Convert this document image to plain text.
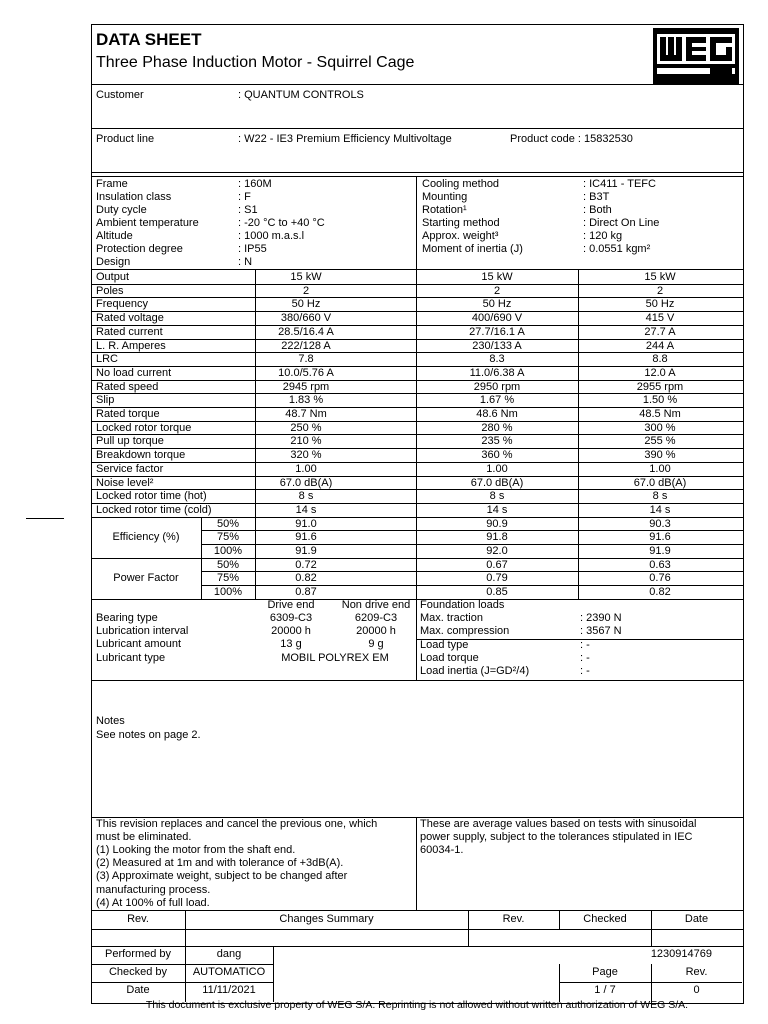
DATA SHEET
Three Phase Induction Motor - Squirrel Cage
Customer	: QUANTUM CONTROLS
Product line	: W22 - IE3 Premium Efficiency Multivoltage	Product code : 15832530
Frame	: 160M
Insulation class	: F
Duty cycle	: S1
Ambient temperature	: -20 °C to +40 °C
Altitude	: 1000 m.a.s.l
Protection degree	: IP55
Design	: N
Cooling method	: IC411 - TEFC
Mounting	: B3T
Rotation¹	: Both
Starting method	: Direct On Line
Approx. weight³	: 120 kg
Moment of inertia (J)	: 0.0551 kgm²
Output	15 kW	15 kW	15 kW
Poles	2	2	2
Frequency	50 Hz	50 Hz	50 Hz
Rated voltage	380/660 V	400/690 V	415 V
Rated current	28.5/16.4 A	27.7/16.1 A	27.7 A
L. R. Amperes	222/128 A	230/133 A	244 A
LRC	7.8	8.3	8.8
No load current	10.0/5.76 A	11.0/6.38 A	12.0 A
Rated speed	2945 rpm	2950 rpm	2955 rpm
Slip	1.83 %	1.67 %	1.50 %
Rated torque	48.7 Nm	48.6 Nm	48.5 Nm
Locked rotor torque	250 %	280 %	300 %
Pull up torque	210 %	235 %	255 %
Breakdown torque	320 %	360 %	390 %
Service factor	1.00	1.00	1.00
Noise level²	67.0 dB(A)	67.0 dB(A)	67.0 dB(A)
Locked rotor time (hot)	8 s	8 s	8 s
Locked rotor time (cold)	14 s	14 s	14 s
Efficiency (%)
50%	91.0	90.9	90.3
75%	91.6	91.8	91.6
100%	91.9	92.0	91.9
Power Factor
50%	0.72	0.67	0.63
75%	0.82	0.79	0.76
100%	0.87	0.85	0.82
Drive end	Non drive end
Bearing type	6309-C3	6209-C3
Lubrication interval	20000 h	20000 h
Lubricant amount	13 g	9 g
Lubricant type	MOBIL POLYREX EM
Foundation loads
Max. traction	: 2390 N
Max. compression	: 3567 N
Load type	: -
Load torque	: -
Load inertia (J=GD²/4)	: -
Notes
See notes on page 2.
This revision replaces and cancel the previous one, which
must be eliminated.
(1) Looking the motor from the shaft end.
(2) Measured at 1m and with tolerance of +3dB(A).
(3) Approximate weight, subject to be changed after
manufacturing process.
(4) At 100% of full load.
These are average values based on tests with sinusoidal
power supply, subject to the tolerances stipulated in IEC
60034-1.
Rev.	Changes Summary	Rev.	Checked	Date
Performed by	dang
Checked by	AUTOMATICO
Date	11/11/2021
1230914769
Page	Rev.
1 / 7	0
This document is exclusive property of WEG S/A. Reprinting is not allowed without written authorization of WEG S/A.
